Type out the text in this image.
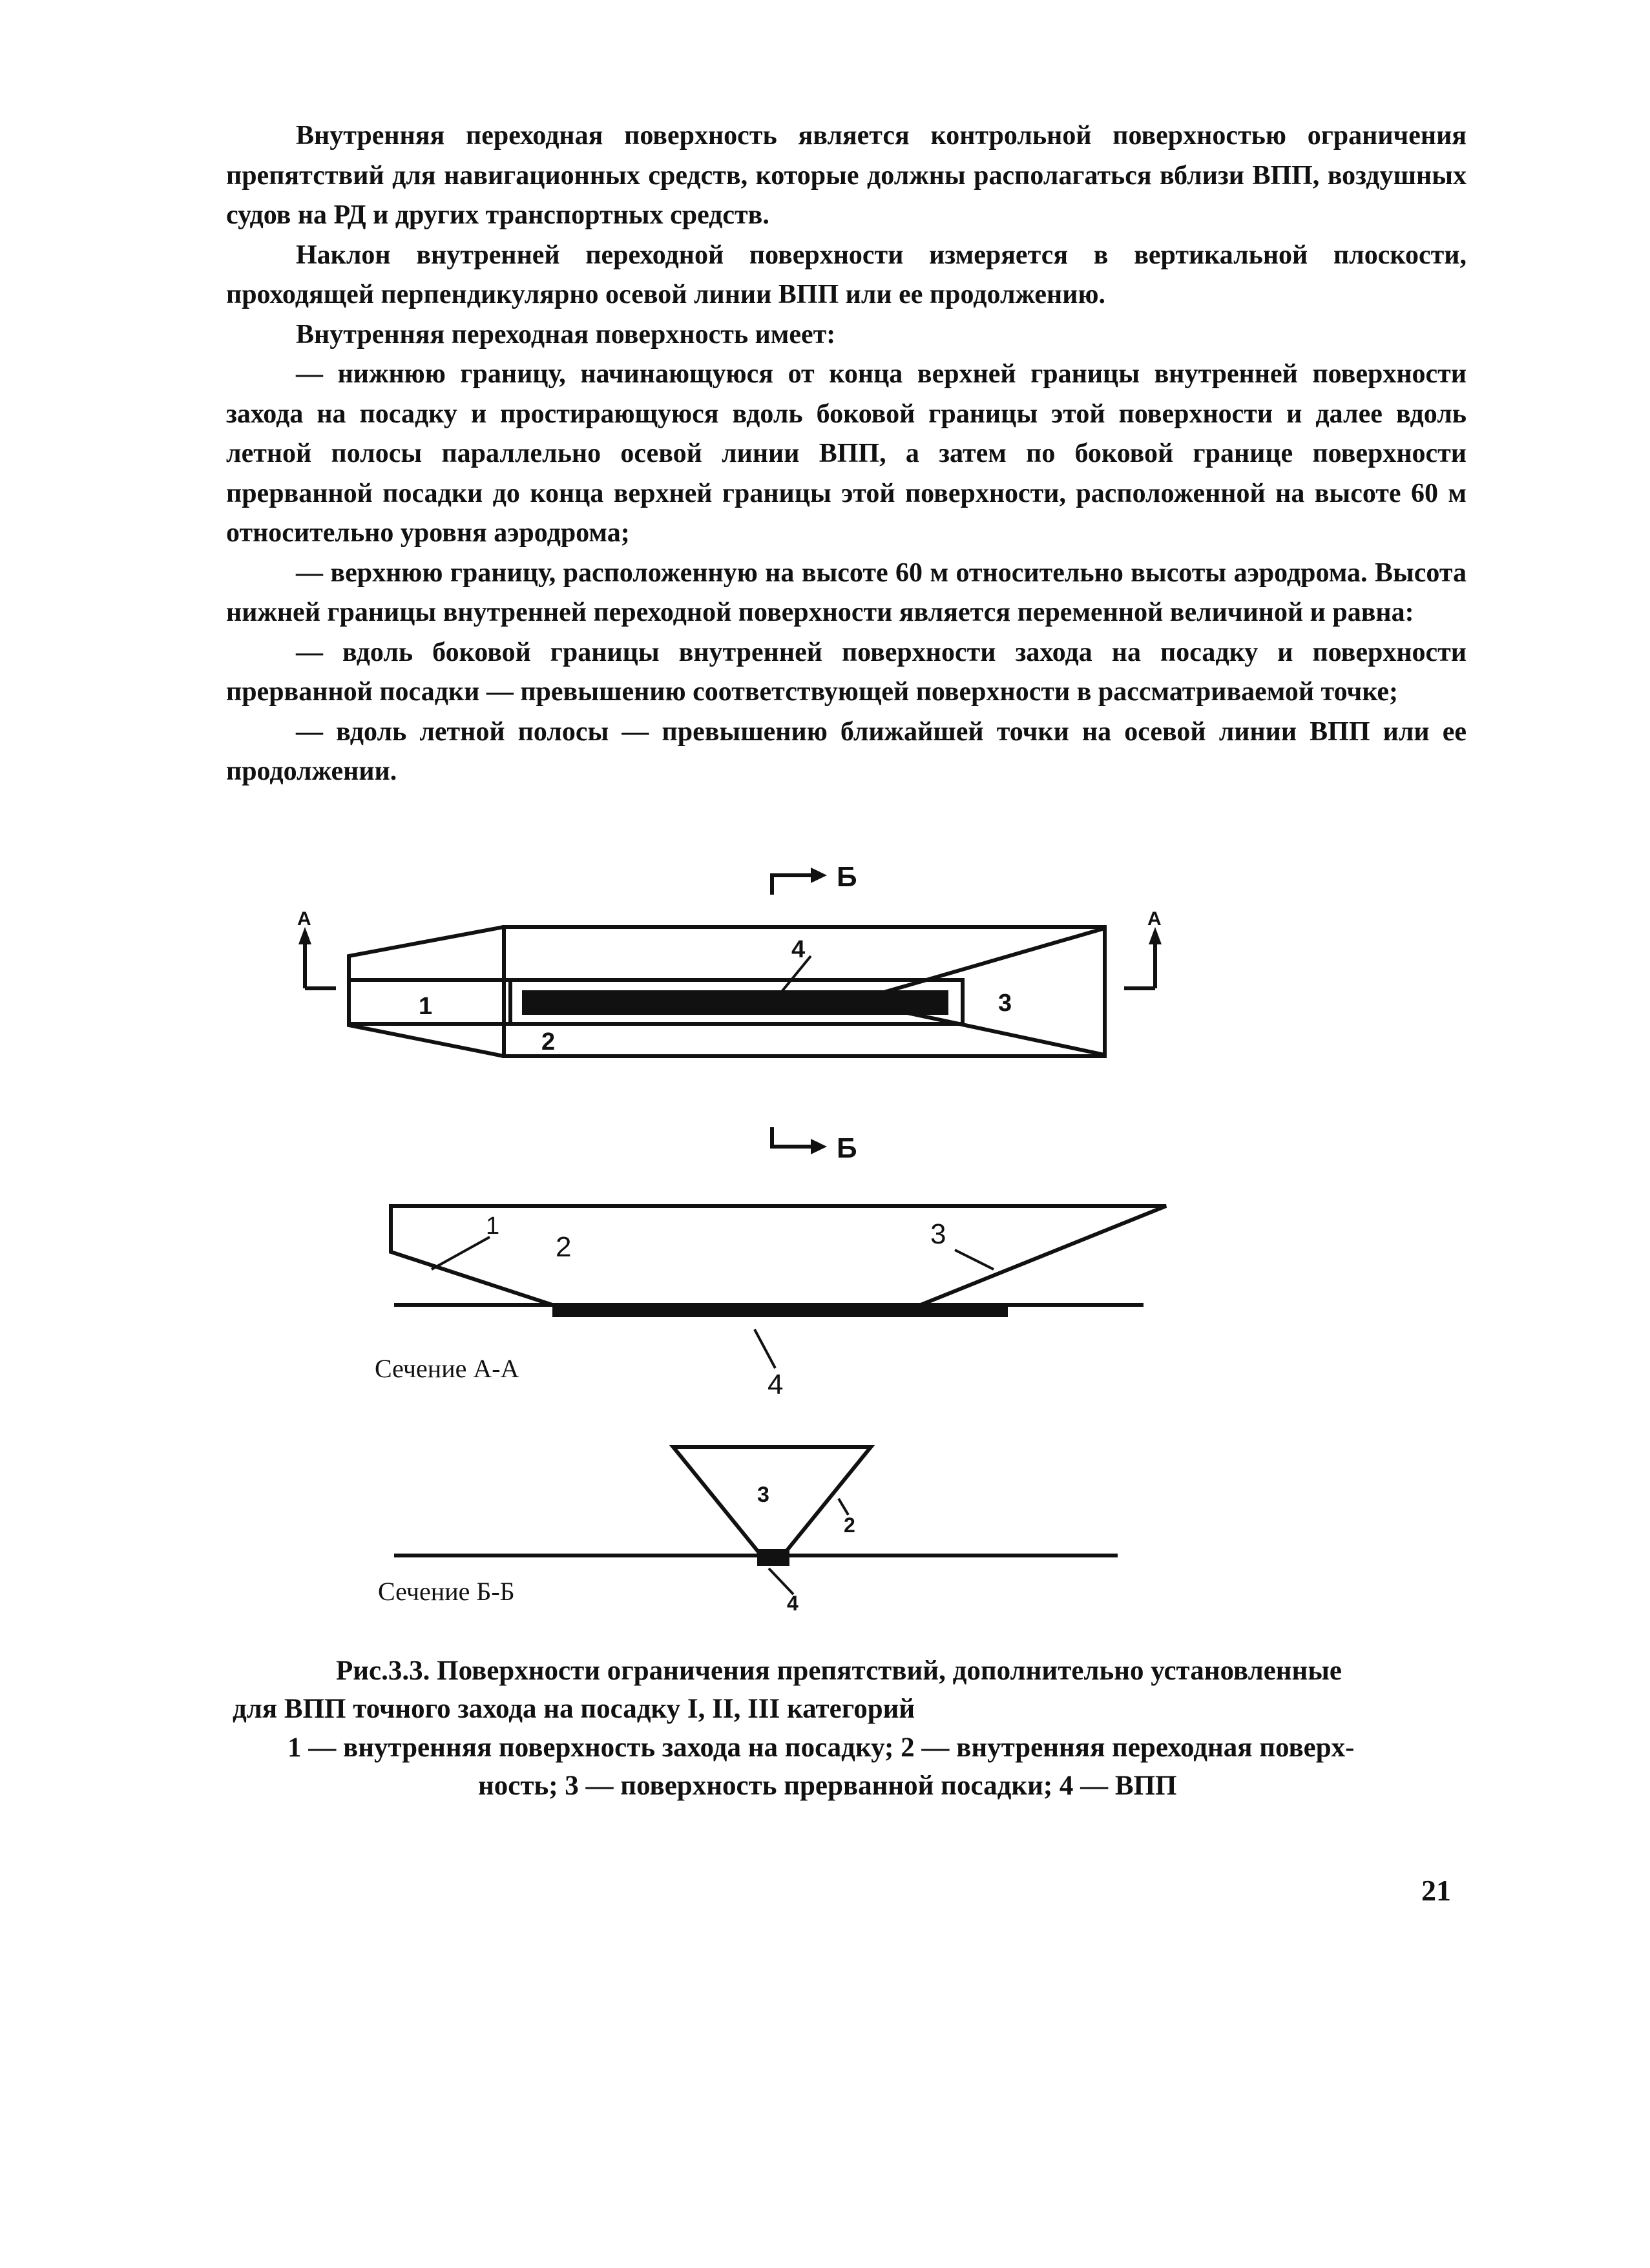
Внутренняя переходная поверхность является контрольной поверхностью ограничения препятствий для навигационных средств, которые должны располагаться вблизи ВПП, воздушных судов на РД и других транспортных средств.

Наклон внутренней переходной поверхности измеряется в вертикальной плоскости, проходящей перпендикулярно осевой линии ВПП или ее продолжению.

Внутренняя переходная поверхность имеет:

— нижнюю границу, начинающуюся от конца верхней границы внутренней поверхности захода на посадку и простирающуюся вдоль боковой границы этой поверхности и далее вдоль летной полосы параллельно осевой линии ВПП, а затем по боковой границе поверхности прерванной посадки до конца верхней границы этой поверхности, расположенной на высоте 60 м относительно уровня аэродрома;

— верхнюю границу, расположенную на высоте 60 м относительно высоты аэродрома. Высота нижней границы внутренней переходной поверхности является переменной величиной и равна:

— вдоль боковой границы внутренней поверхности захода на посадку и поверхности прерванной посадки — превышению соответствующей поверхности в рассматриваемой точке;

— вдоль летной полосы — превышению ближайшей точки на осевой линии ВПП или ее продолжении.

Б
Б
А	А
1
2
3
4
1
2	3
4
3
2
4
Сечение А-А
Сечение Б-Б
Рис.3.3. Поверхности ограничения препятствий, дополнительно установленные
для ВПП точного захода на посадку I, II, III категорий
1 — внутренняя поверхность захода на посадку; 2 — внутренняя переходная поверх-
ность; 3 — поверхность прерванной посадки; 4 — ВПП
21
